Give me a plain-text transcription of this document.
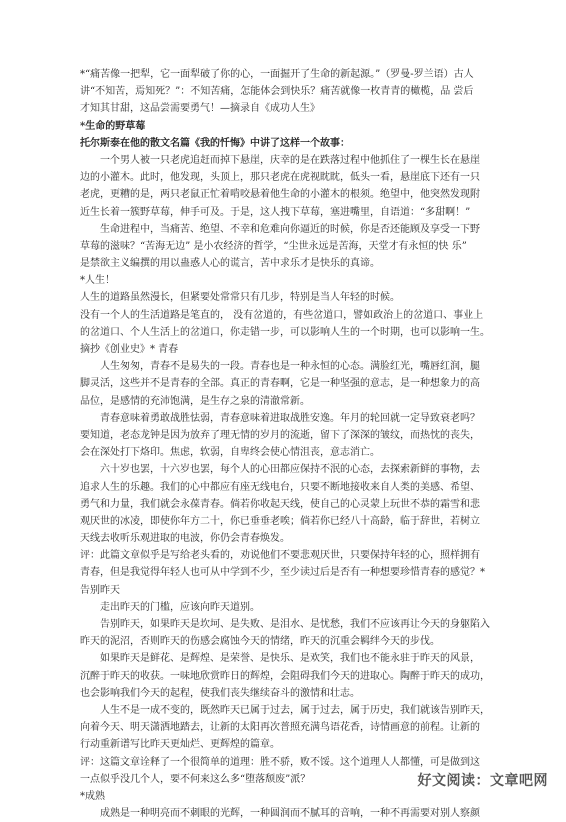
*“痛苦像一把犁，它一面犁破了你的心，一面掘开了生命的新起源。”（罗曼-罗兰语）古人
讲“不知苦，焉知死？”：不知苦痛，怎能体会到快乐？痛苦就像一枚青青的橄榄，品 尝后
才知其甘甜，这品尝需要勇气！—摘录自《成功人生》
*生命的野草莓
托尔斯泰在他的散文名篇《我的忏悔》中讲了这样一个故事：
一个男人被一只老虎追赶而掉下悬崖，庆幸的是在跌落过程中他抓住了一棵生长在悬崖
边的小灌木。此时，他发现，头顶上，那只老虎在虎视眈眈，低头一看，悬崖底下还有一只
老虎，更糟的是，两只老鼠正忙着啃咬悬着他生命的小灌木的根须。绝望中，他突然发现附
近生长着一簇野草莓，伸手可及。于是，这人拽下草莓，塞进嘴里，自语道：“多甜啊！”
生命进程中，当痛苦、绝望、不幸和危难向你逼近的时候，你是否还能顾及享受一下野
草莓的滋味？“苦海无边” 是小农经济的哲学，“尘世永远是苦海，天堂才有永恒的快 乐”
是禁欲主义编撰的用以蛊惑人心的谎言，苦中求乐才是快乐的真谛。
*人生！
人生的道路虽然漫长，但紧要处常常只有几步，特别是当人年轻的时候。
没有一个人的生活道路是笔直的， 没有岔道的，有些岔道口，譬如政治上的岔道口、事业上
的岔道口、个人生活上的岔道口，你走错一步，可以影响人生的一个时期，也可以影响一生。
摘抄《创业史》* 青春
人生匆匆，青春不是易失的一段。青春也是一种永恒的心态。满脸红光，嘴唇红润，腿
脚灵活，这些并不是青春的全部。真正的青春啊，它是一种坚强的意志，是一种想象力的高
品位，是感情的充沛饱满，是生存之泉的清澈常新。
青春意味着勇敢战胜怯弱，青春意味着进取战胜安逸。年月的轮回就一定导致衰老吗？
要知道，老态龙钟是因为放弃了理无情的岁月的流逝，留下了深深的皱纹，而热忱的丧失，
会在深处打下烙印。焦虑，软弱，自卑终会使心情沮丧，意志消亡。
六十岁也罢，十六岁也罢，每个人的心田都应保持不泯的心态，去探索新鲜的事物，去
追求人生的乐趣。我们的心中都应有座无线电台，只要不断地接收来自人类的美感、希望、
勇气和力量，我们就会永葆青春。倘若你收起天线，使自己的心灵蒙上玩世不恭的霜雪和悲
观厌世的冰凌，即使你年方二十，你已垂垂老唉；倘若你已经八十高龄，临于辞世，若树立
天线去收听乐观进取的电波，你仍会青春焕发。
评：此篇文章似乎是写给老头看的，劝说他们不要悲观厌世，只要保持年轻的心，照样拥有
青春，但是我觉得年轻人也可从中学到不少，至少读过后是否有一种想要珍惜青春的感觉？*
告别昨天
走出昨天的门槛，应该向昨天道别。
告别昨天，如果昨天是坎坷、是失败、是泪水、是忧愁，我们不应该再让今天的身躯陷入
昨天的泥沼，否则昨天的伤感会腐蚀今天的情绪，昨天的沉重会羁绊今天的步伐。
如果昨天是鲜花、是辉煌、是荣誉、是快乐、是欢笑，我们也不能永驻于昨天的风景，
沉醉于昨天的收获。一味地欣赏昨日的辉煌，会阻碍我们今天的进取心。陶醉于昨天的成功，
也会影响我们今天的起程，使我们丧失继续奋斗的激情和壮志。
人生不是一成不变的，既然昨天已属于过去，属于过去，属于历史，我们就该告别昨天，
向着今天、明天潇洒地踏去，让新的太阳再次普照充满鸟语花香，诗情画意的前程。让新的
行动重新谱写比昨天更灿烂、更辉煌的篇章。
评：这篇文章诠释了一个很简单的道理：胜不骄，败不馁。这个道理人人都懂，可是做到这
一点似乎没几个人，要不何来这么多“堕落颓废”派？
*成熟
成熟是一种明亮而不刺眼的光辉，一种圆润而不腻耳的音响，一种不再需要对别人察颜
好文阅读：文章吧网
